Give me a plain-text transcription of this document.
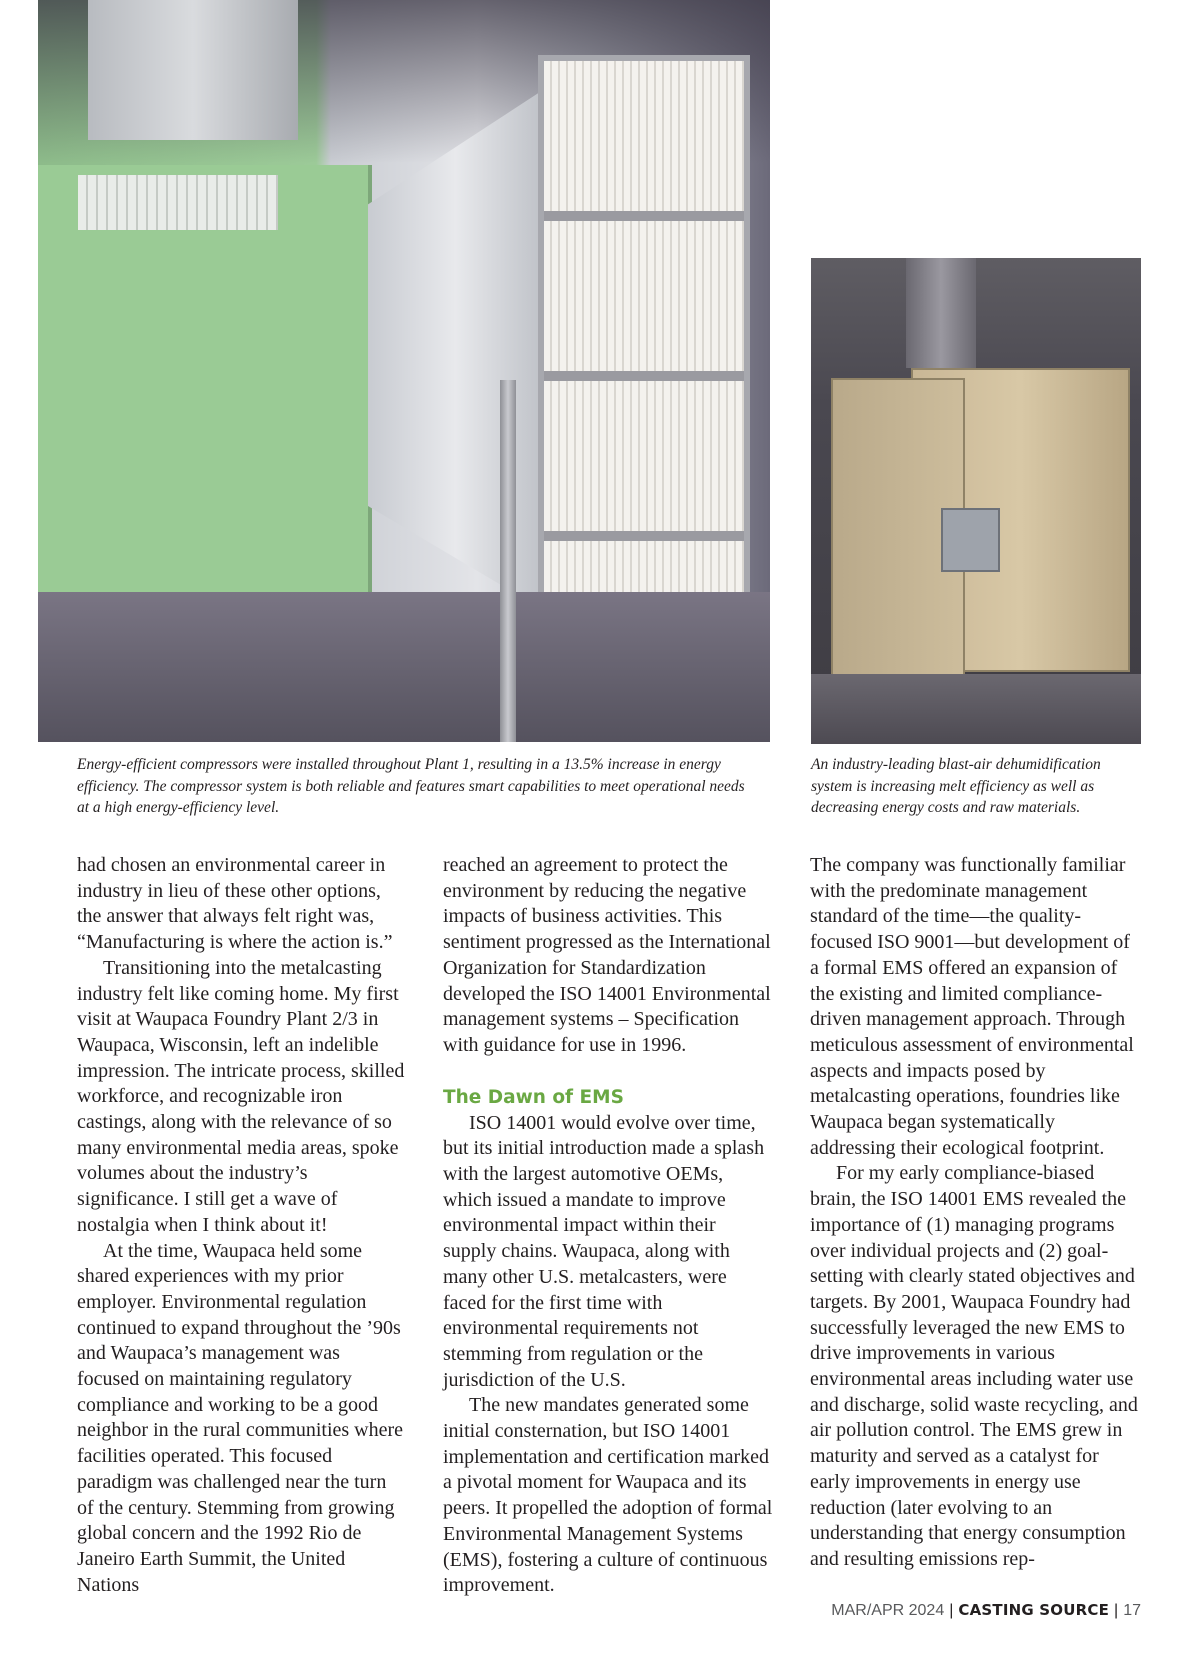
Energy-efficient compressors were installed throughout Plant 1, resulting in a 13.5% increase in energy efficiency. The compressor system is both reliable and features smart capabilities to meet operational needs at a high energy-efficiency level.

An industry-leading blast-air dehumidification system is increasing melt efficiency as well as decreasing energy costs and raw materials.

had chosen an environmental career in industry in lieu of these other options, the answer that always felt right was, “Manufacturing is where the action is.”

Transitioning into the metalcasting industry felt like coming home. My first visit at Waupaca Foundry Plant 2/3 in Waupaca, Wisconsin, left an indelible impression. The intricate process, skilled workforce, and recognizable iron castings, along with the relevance of so many environmental media areas, spoke volumes about the industry’s significance. I still get a wave of nostalgia when I think about it!

At the time, Waupaca held some shared experiences with my prior employer. Environmental regulation continued to expand throughout the ’90s and Waupaca’s management was focused on maintaining regulatory compliance and working to be a good neighbor in the rural communities where facilities operated. This focused paradigm was challenged near the turn of the century. Stemming from growing global concern and the 1992 Rio de Janeiro Earth Summit, the United Nations

reached an agreement to protect the environment by reducing the negative impacts of business activities. This sentiment progressed as the International Organization for Standardization developed the ISO 14001 Environmental management systems – Specification with guidance for use in 1996.

The Dawn of EMS

ISO 14001 would evolve over time, but its initial introduction made a splash with the largest automotive OEMs, which issued a mandate to improve environmental impact within their supply chains. Waupaca, along with many other U.S. metalcasters, were faced for the first time with environmental requirements not stemming from regulation or the jurisdiction of the U.S.

The new mandates generated some initial consternation, but ISO 14001 implementation and certification marked a pivotal moment for Waupaca and its peers. It propelled the adoption of formal Environmental Management Systems (EMS), fostering a culture of continuous improvement.

The company was functionally familiar with the predominate management standard of the time—the quality-focused ISO 9001—but development of a formal EMS offered an expansion of the existing and limited compliance-driven management approach. Through meticulous assessment of environmental aspects and impacts posed by metalcasting operations, foundries like Waupaca began systematically addressing their ecological footprint.

For my early compliance-biased brain, the ISO 14001 EMS revealed the importance of (1) managing programs over individual projects and (2) goal-setting with clearly stated objectives and targets. By 2001, Waupaca Foundry had successfully leveraged the new EMS to drive improvements in various environmental areas including water use and discharge, solid waste recycling, and air pollution control. The EMS grew in maturity and served as a catalyst for early improvements in energy use reduction (later evolving to an understanding that energy consumption and resulting emissions rep-

MAR/APR 2024 | CASTING SOURCE | 17
